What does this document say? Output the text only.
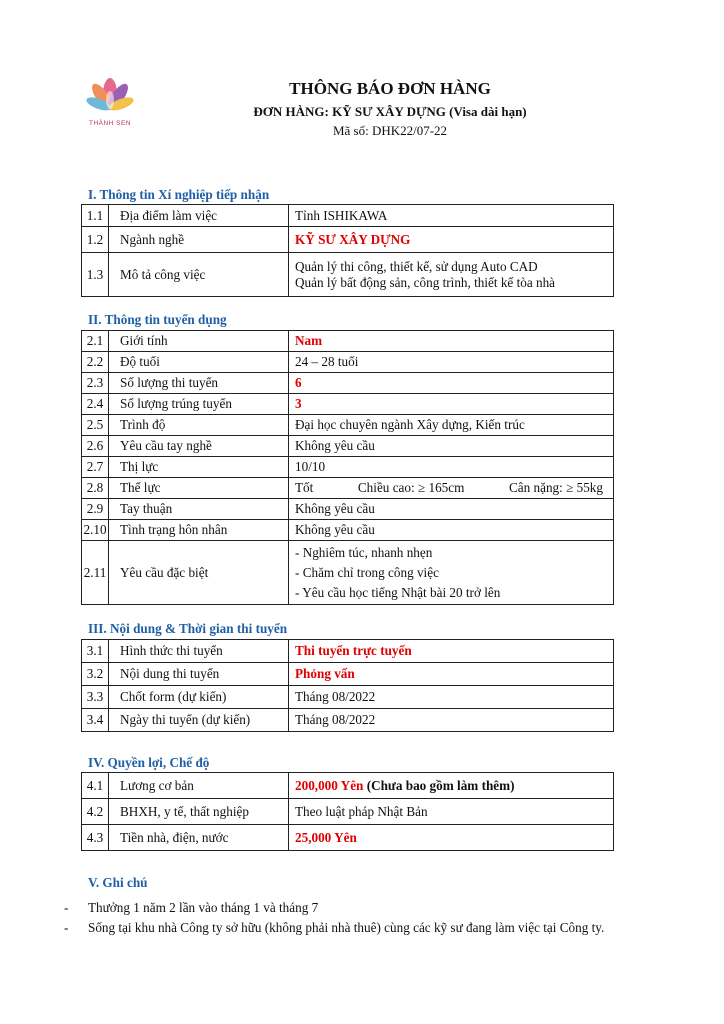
THÀNH SEN
THÔNG BÁO ĐƠN HÀNG
ĐƠN HÀNG: KỸ SƯ XÂY DỰNG (Visa dài hạn)
Mã số: DHK22/07-22
I. Thông tin Xí nghiệp tiếp nhận
1.1	Địa điểm làm việc	Tỉnh ISHIKAWA
1.2	Ngành nghề	KỸ SƯ XÂY DỰNG
1.3	Mô tả công việc	Quản lý thi công, thiết kế, sử dụng Auto CAD
Quản lý bất động sản, công trình, thiết kế tòa nhà
II. Thông tin tuyển dụng
2.1	Giới tính	Nam
2.2	Độ tuổi	24 – 28 tuổi
2.3	Số lượng thi tuyển	6
2.4	Số lượng trúng tuyển	3
2.5	Trình độ	Đại học chuyên ngành Xây dựng, Kiến trúc
2.6	Yêu cầu tay nghề	Không yêu cầu
2.7	Thị lực	10/10
2.8	Thể lực	Tốt Chiều cao: ≥ 165cm Cân nặng: ≥ 55kg

2.9	Tay thuận	Không yêu cầu
2.10	Tình trạng hôn nhân	Không yêu cầu
2.11	Yêu cầu đặc biệt	- Nghiêm túc, nhanh nhẹn
- Chăm chỉ trong công việc
- Yêu cầu học tiếng Nhật bài 20 trở lên
III. Nội dung & Thời gian thi tuyển
3.1	Hình thức thi tuyển	Thi tuyển trực tuyến
3.2	Nội dung thi tuyển	Phỏng vấn
3.3	Chốt form (dự kiến)	Tháng 08/2022
3.4	Ngày thi tuyển (dự kiến)	Tháng 08/2022
IV. Quyền lợi, Chế độ
4.1	Lương cơ bản	200,000 Yên (Chưa bao gồm làm thêm)
4.2	BHXH, y tế, thất nghiệp	Theo luật pháp Nhật Bản
4.3	Tiền nhà, điện, nước	25,000 Yên
V. Ghi chú
-	Thưởng 1 năm 2 lần vào tháng 1 và tháng 7
-	Sống tại khu nhà Công ty sở hữu (không phải nhà thuê) cùng các kỹ sư đang làm việc tại Công ty.
